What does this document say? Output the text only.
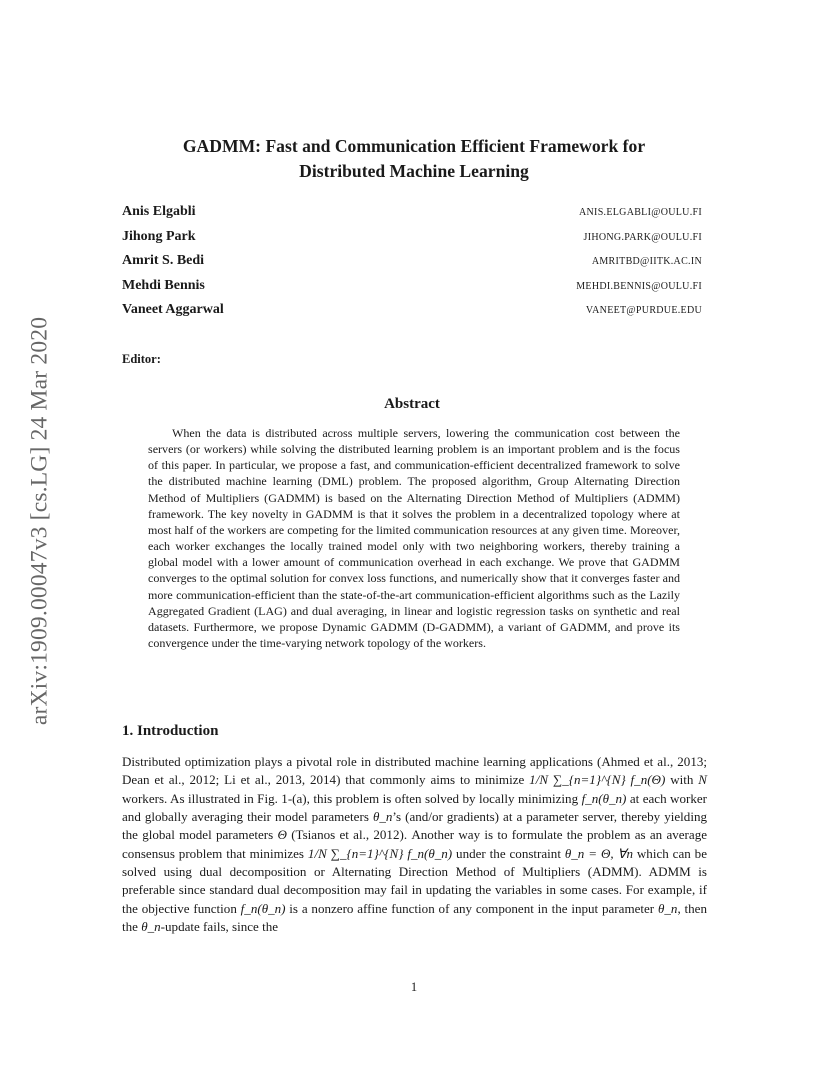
arXiv:1909.00047v3 [cs.LG] 24 Mar 2020
GADMM: Fast and Communication Efficient Framework for
Distributed Machine Learning
Anis Elgabli	ANIS.ELGABLI@OULU.FI
Jihong Park	JIHONG.PARK@OULU.FI
Amrit S. Bedi	AMRITBD@IITK.AC.IN
Mehdi Bennis	MEHDI.BENNIS@OULU.FI
Vaneet Aggarwal	VANEET@PURDUE.EDU
Editor:
Abstract
When the data is distributed across multiple servers, lowering the communication cost between the servers (or workers) while solving the distributed learning problem is an important problem and is the focus of this paper. In particular, we propose a fast, and communication-efficient decentralized framework to solve the distributed machine learning (DML) problem. The proposed algorithm, Group Alternating Direction Method of Multipliers (GADMM) is based on the Alternating Direction Method of Multipliers (ADMM) framework. The key novelty in GADMM is that it solves the problem in a decentralized topology where at most half of the workers are competing for the limited communication resources at any given time. Moreover, each worker exchanges the locally trained model only with two neighboring workers, thereby training a global model with a lower amount of communication overhead in each exchange. We prove that GADMM converges to the optimal solution for convex loss functions, and numerically show that it converges faster and more communication-efficient than the state-of-the-art communication-efficient algorithms such as the Lazily Aggregated Gradient (LAG) and dual averaging, in linear and logistic regression tasks on synthetic and real datasets. Furthermore, we propose Dynamic GADMM (D-GADMM), a variant of GADMM, and prove its convergence under the time-varying network topology of the workers.
1. Introduction
Distributed optimization plays a pivotal role in distributed machine learning applications (Ahmed et al., 2013; Dean et al., 2012; Li et al., 2013, 2014) that commonly aims to minimize 1/N ∑_{n=1}^{N} f_n(Θ) with N workers. As illustrated in Fig. 1-(a), this problem is often solved by locally minimizing f_n(θ_n) at each worker and globally averaging their model parameters θ_n’s (and/or gradients) at a parameter server, thereby yielding the global model parameters Θ (Tsianos et al., 2012). Another way is to formulate the problem as an average consensus problem that minimizes 1/N ∑_{n=1}^{N} f_n(θ_n) under the constraint θ_n = Θ, ∀n which can be solved using dual decomposition or Alternating Direction Method of Multipliers (ADMM). ADMM is preferable since standard dual decomposition may fail in updating the variables in some cases. For example, if the objective function f_n(θ_n) is a nonzero affine function of any component in the input parameter θ_n, then the θ_n-update fails, since the
1
